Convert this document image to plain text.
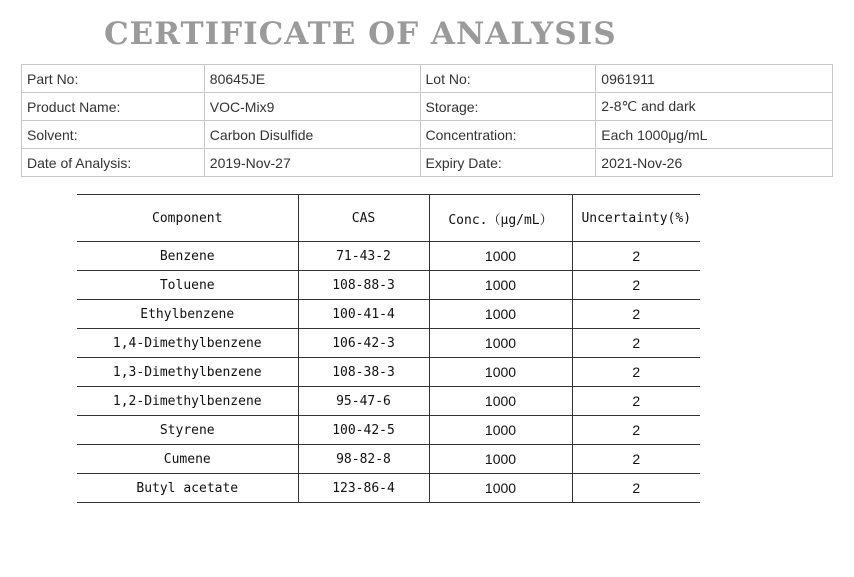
CERTIFICATE OF ANALYSIS
Part No:	80645JE	Lot No:	0961911
Product Name:	VOC-Mix9	Storage:	2-8℃ and dark
Solvent:	Carbon Disulfide	Concentration:	Each 1000μg/mL
Date of Analysis:	2019-Nov-27	Expiry Date:	2021-Nov-26
Component	CAS	Conc.（μg/mL）	Uncertainty(%)
Benzene	71-43-2	1000	2
Toluene	108-88-3	1000	2
Ethylbenzene	100-41-4	1000	2
1,4-Dimethylbenzene	106-42-3	1000	2
1,3-Dimethylbenzene	108-38-3	1000	2
1,2-Dimethylbenzene	95-47-6	1000	2
Styrene	100-42-5	1000	2
Cumene	98-82-8	1000	2
Butyl acetate	123-86-4	1000	2
